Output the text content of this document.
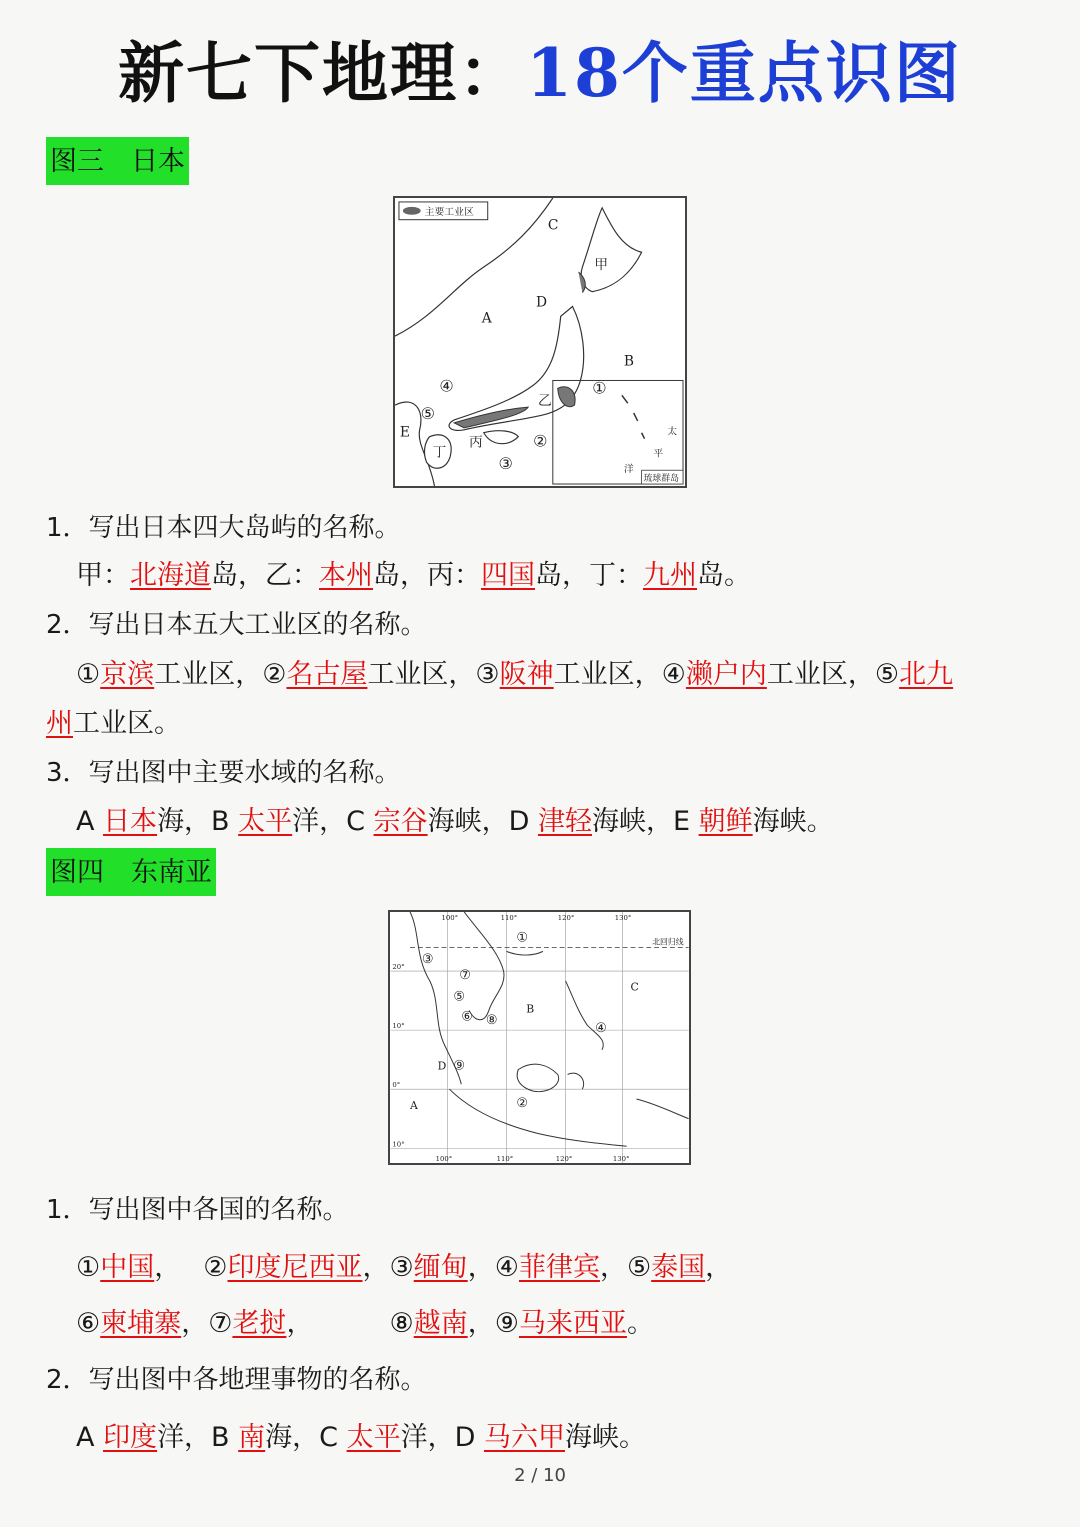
新七下地理：18个重点识图
图三　日本
主要工业区
琉球群岛
A
B
C
D
E
甲
乙
丙
丁
①
②
③
④
⑤
太
平
洋
1．写出日本四大岛屿的名称。
甲：北海道岛，乙：本州岛，丙：四国岛，丁：九州岛。
2．写出日本五大工业区的名称。
①京滨工业区，②名古屋工业区，③阪神工业区，④濑户内工业区，⑤北九
州工业区。
3．写出图中主要水域的名称。
A 日本海，B 太平洋，C 宗谷海峡，D 津轻海峡，E 朝鲜海峡。
图四　东南亚
北回归线
100°	110°	120°	130°
100°	110°	120°	130°
20°
10°
0°
10°
A
B
C
D
①
②
③
④
⑤
⑥
⑦
⑧
⑨
1．写出图中各国的名称。
①中国，　 ②印度尼西亚，③缅甸，④菲律宾，⑤泰国，
⑥柬埔寨，⑦老挝，　　　 ⑧越南，⑨马来西亚。
2．写出图中各地理事物的名称。
A 印度洋，B 南海，C 太平洋，D 马六甲海峡。
2 / 10
